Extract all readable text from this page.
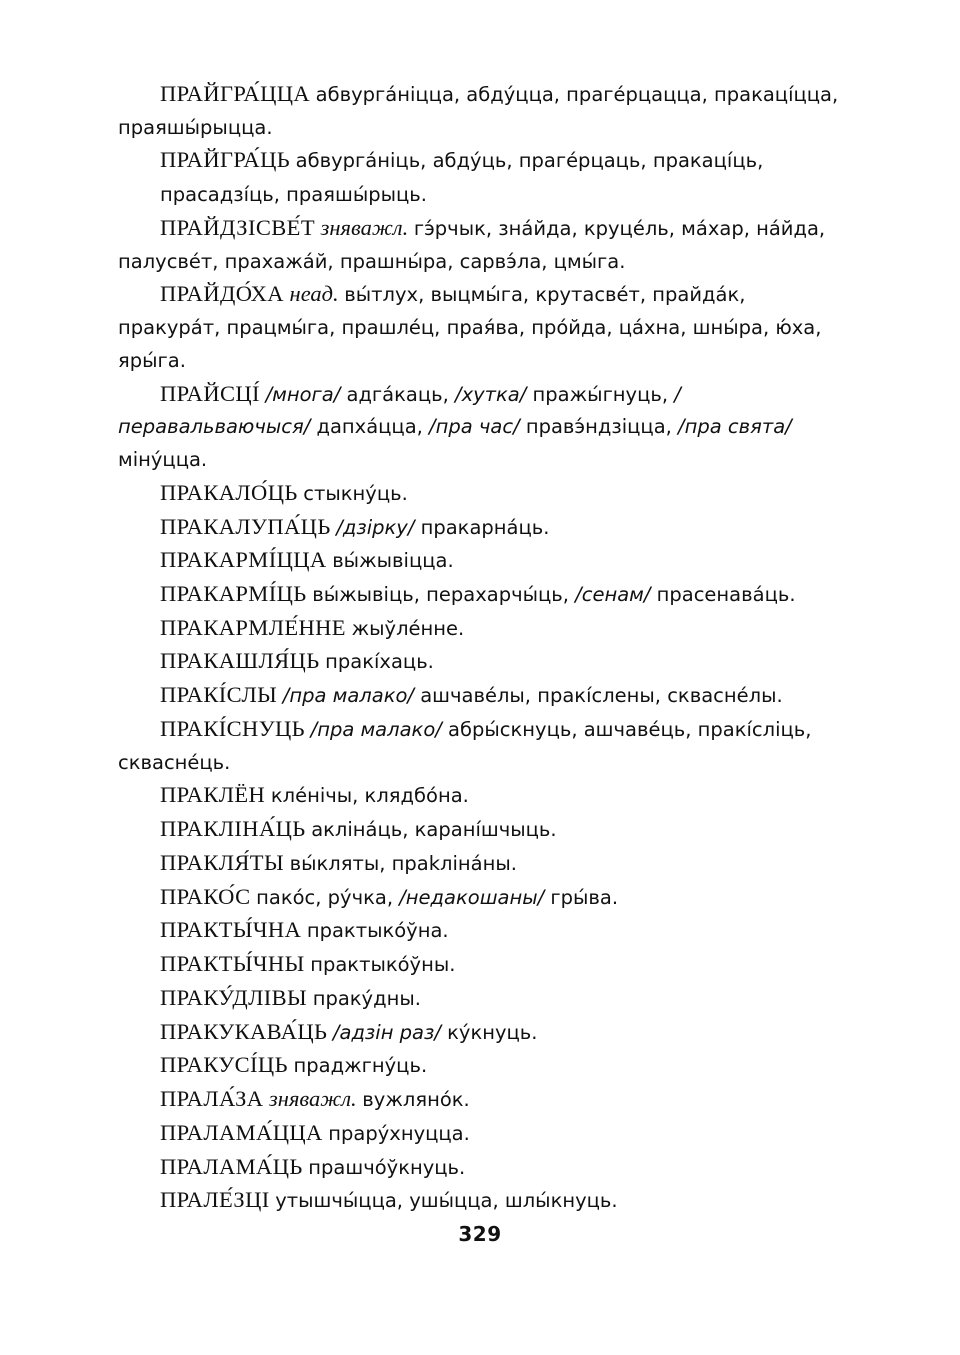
ПРАЙГРА́ЦЦА абвурга́ніцца, абду́цца, праге́рцацца, пракаці́цца, праяшы́рыцца.

ПРАЙГРА́ЦЬ абвурга́ніць, абду́ць, праге́рцаць, пракаці́ць,

прасадзі́ць, праяшы́рыць.

ПРАЙДЗІСВЕ́Т зняважл. гэ́рчык, зна́йда, круце́ль, ма́хар, на́йда, палусве́т, прахажа́й, прашны́ра, сарвэ́ла, цмы́га.

ПРАЙДО́ХА неад. вы́тлух, выцмы́га, крутасве́т, прайда́к, пракура́т, працмы́га, прашле́ц, прая́ва, про́йда, ца́хна, шны́ра, ю́ха, яры́га.

ПРАЙСЦІ́ /многа/ адга́каць, /хутка/ пражы́гнуць, /перавальваючыся/ дапха́цца, /пра час/ правэ́ндзіцца, /пра свята/ міну́цца.

ПРАКАЛО́ЦЬ стыкну́ць.

ПРАКАЛУПА́ЦЬ /дзірку/ пракарна́ць.

ПРАКАРМІ́ЦЦА вы́жывіцца.

ПРАКАРМІ́ЦЬ вы́жывіць, перахарчы́ць, /сенам/ прасенава́ць.

ПРАКАРМЛЕ́ННЕ жыўле́нне.

ПРАКАШЛЯ́ЦЬ пракі́хаць.

ПРАКІ́СЛЫ /пра малако/ ашчаве́лы, пракі́слены, сквасне́лы.

ПРАКІ́СНУЦЬ /пра малако/ абры́скнуць, ашчаве́ць, пракі́сліць, сквасне́ць.

ПРАКЛЁН кле́нічы, клядбо́на.

ПРАКЛІНА́ЦЬ акліна́ць, карані́шчыць.

ПРАКЛЯ́ТЫ вы́кляты, прakліна́ны.

ПРАКО́С пако́с, ру́чка, /недакошаны/ гры́ва.

ПРАКТЫ́ЧНА практыко́ўна.

ПРАКТЫ́ЧНЫ практыко́ўны.

ПРАКУ́ДЛІВЫ праку́дны.

ПРАКУКАВА́ЦЬ /адзін раз/ ку́кнуць.

ПРАКУСІ́ЦЬ праджгну́ць.

ПРАЛА́ЗА зняважл. вужляно́к.

ПРАЛАМА́ЦЦА прару́хнуцца.

ПРАЛАМА́ЦЬ прашчо́ўкнуць.

ПРАЛЕ́ЗЦІ утышчы́цца, ушы́цца, шлы́кнуць.

329
